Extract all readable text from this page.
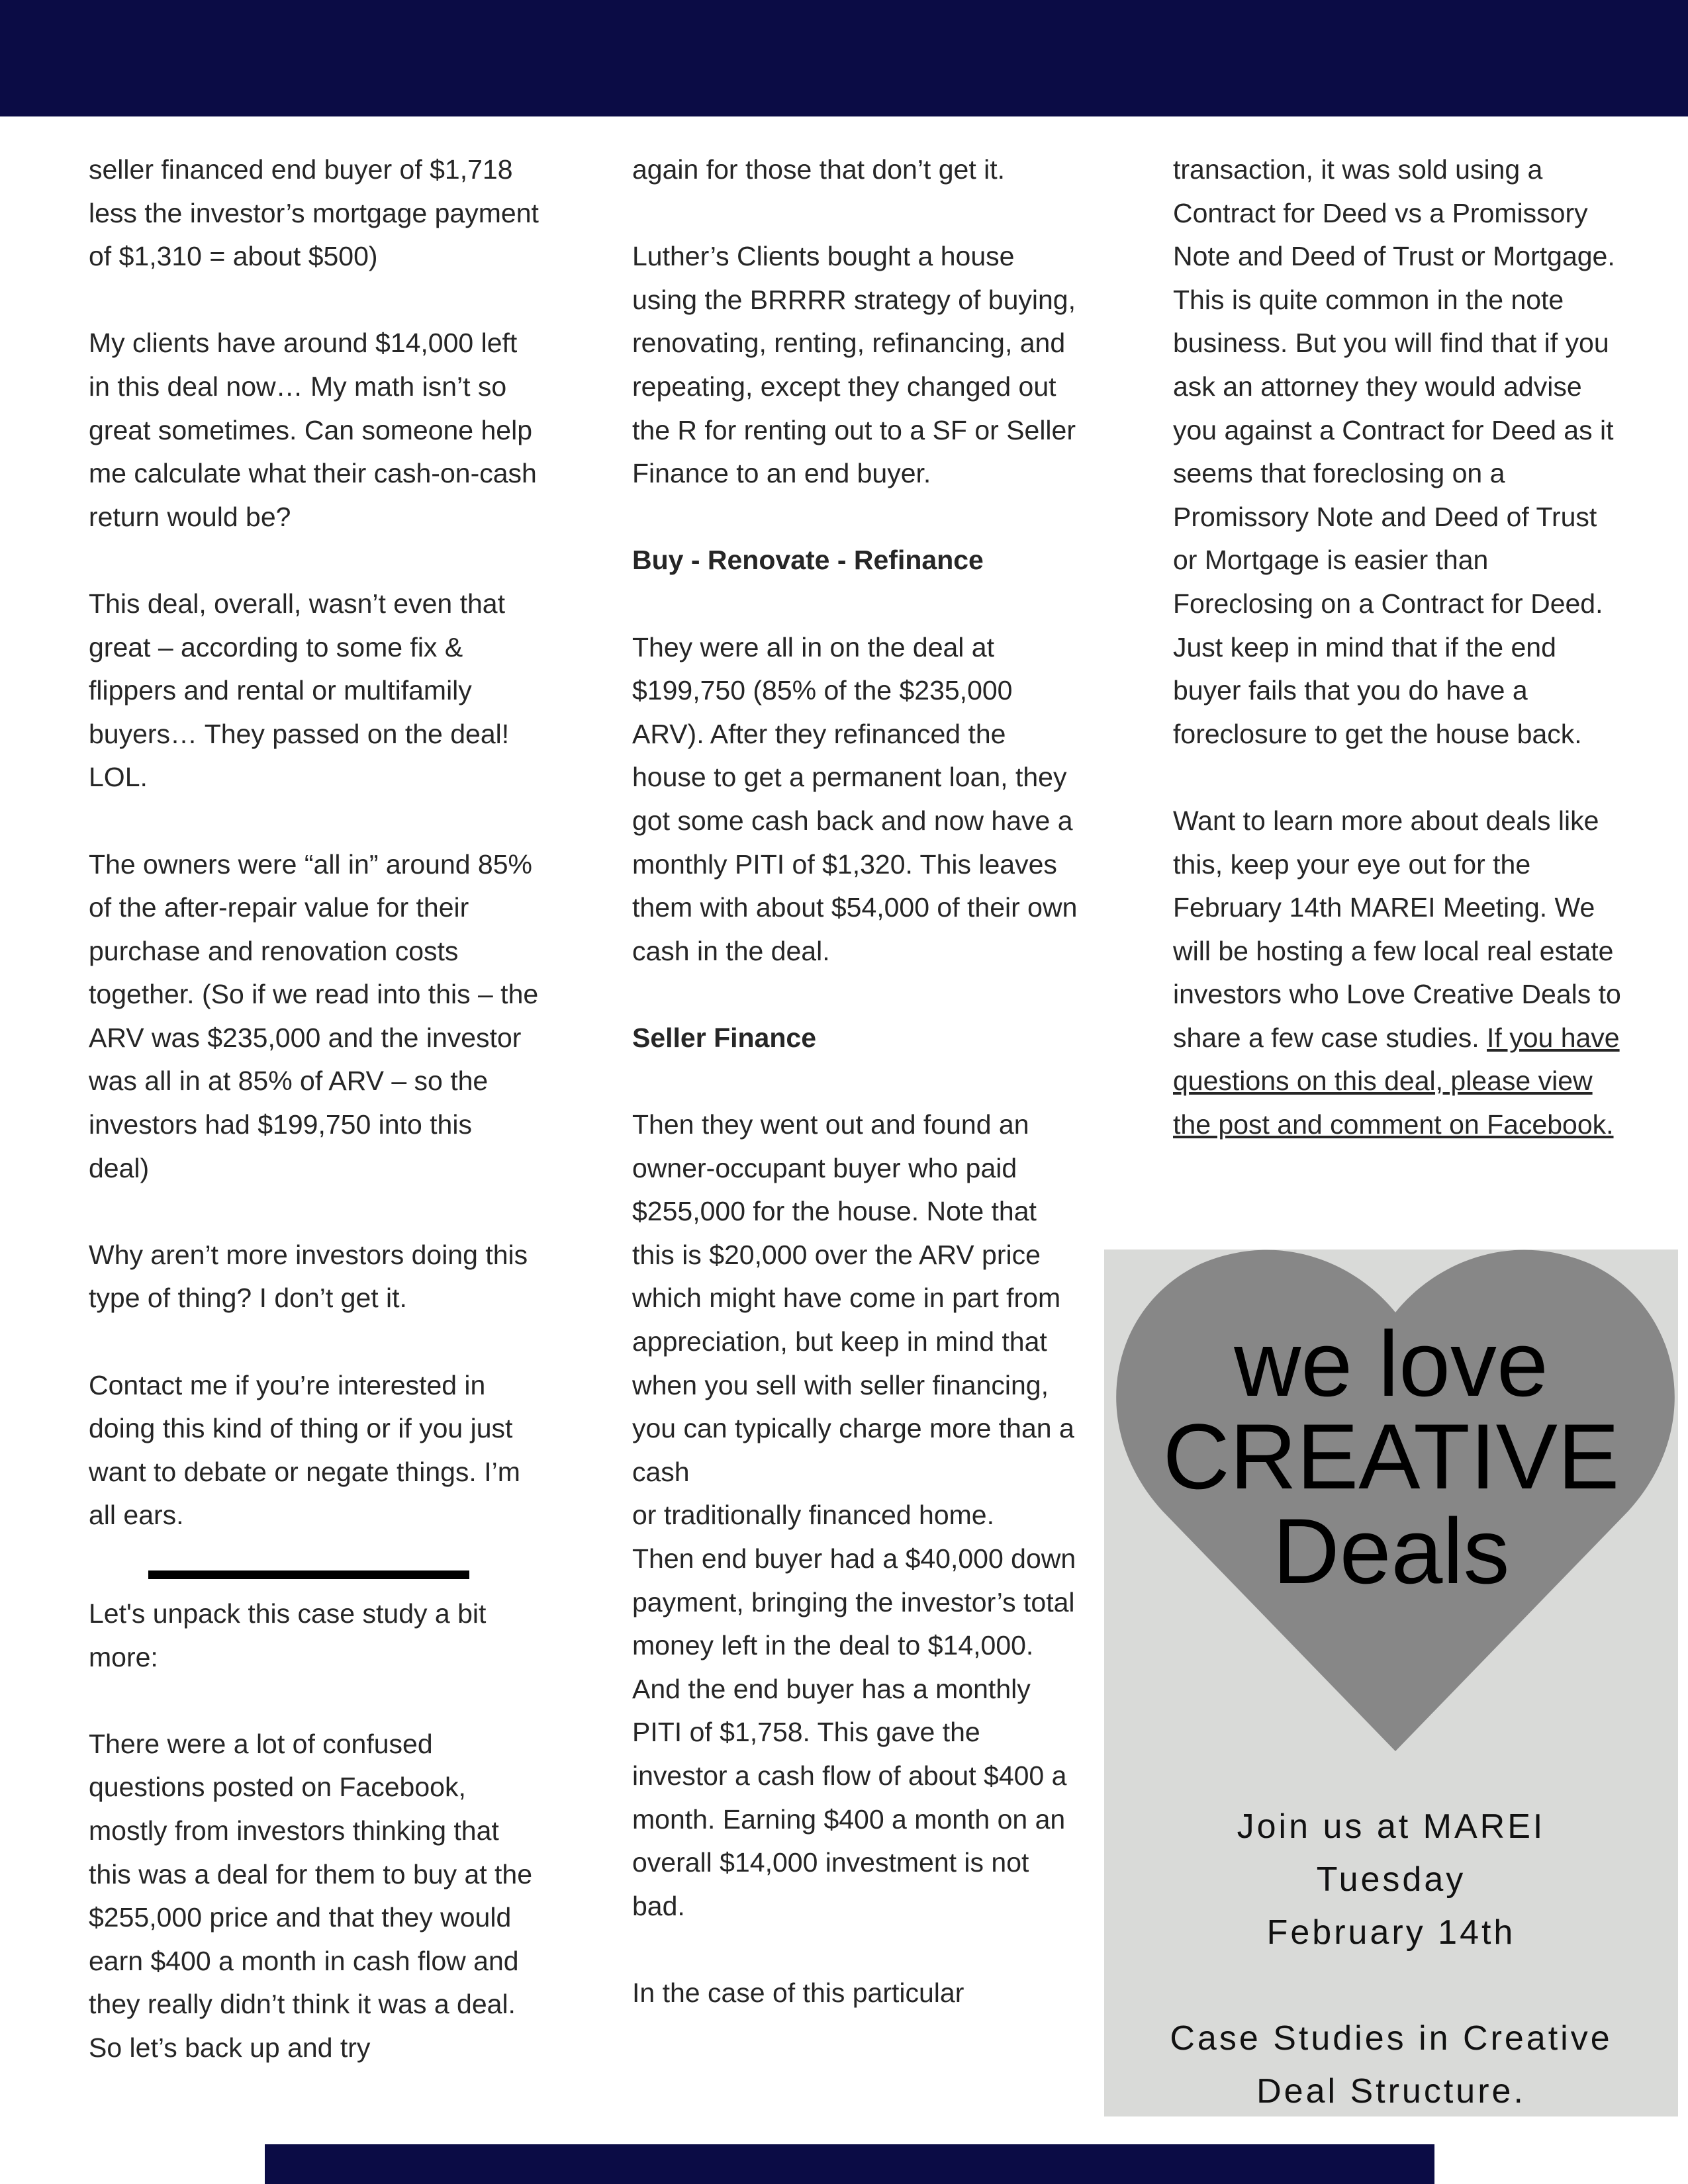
seller financed end buyer of $1,718 less the investor’s mortgage payment of $1,310 = about $500)

My clients have around $14,000 left in this deal now… My math isn’t so great sometimes. Can someone help me calculate what their cash-on-cash return would be?

This deal, overall, wasn’t even that great – according to some fix & flippers and rental or multifamily buyers… They passed on the deal! LOL.

The owners were “all in” around 85% of the after-repair value for their purchase and renovation costs together. (So if we read into this – the ARV was $235,000 and the investor was all in at 85% of ARV – so the investors had $199,750 into this deal)

Why aren’t more investors doing this type of thing? I don’t get it.

Contact me if you’re interested in doing this kind of thing or if you just want to debate or negate things. I’m all ears.

Let's unpack this case study a bit more:

There were a lot of confused questions posted on Facebook, mostly from investors thinking that this was a deal for them to buy at the $255,000 price and that they would earn $400 a month in cash flow and they really didn’t think it was a deal. So let’s back up and try

again for those that don’t get it.

Luther’s Clients bought a house using the BRRRR strategy of buying, renovating, renting, refinancing, and repeating, except they changed out the R for renting out to a SF or Seller Finance to an end buyer.

Buy - Renovate - Refinance

They were all in on the deal at $199,750 (85% of the $235,000 ARV). After they refinanced the house to get a permanent loan, they got some cash back and now have a monthly PITI of $1,320. This leaves them with about $54,000 of their own cash in the deal.

Seller Finance

Then they went out and found an owner-occupant buyer who paid $255,000 for the house. Note that this is $20,000 over the ARV price which might have come in part from appreciation, but keep in mind that when you sell with seller financing, you can typically charge more than a cash
or traditionally financed home.

Then end buyer had a $40,000 down payment, bringing the investor’s total money left in the deal to $14,000. And the end buyer has a monthly PITI of $1,758. This gave the investor a cash flow of about $400 a month. Earning $400 a month on an overall $14,000 investment is not bad.

In the case of this particular

transaction, it was sold using a Contract for Deed vs a Promissory Note and Deed of Trust or Mortgage. This is quite common in the note business. But you will find that if you ask an attorney they would advise you against a Contract for Deed as it seems that foreclosing on a Promissory Note and Deed of Trust or Mortgage is easier than Foreclosing on a Contract for Deed. Just keep in mind that if the end buyer fails that you do have a foreclosure to get the house back.

Want to learn more about deals like this, keep your eye out for the February 14th MAREI Meeting. We will be hosting a few local real estate investors who Love Creative Deals to share a few case studies. If you have questions on this deal, please view the post and comment on Facebook.

we love
CREATIVE
Deals
Join us at MAREI
Tuesday
February 14th
Case Studies in Creative
Deal Structure.
